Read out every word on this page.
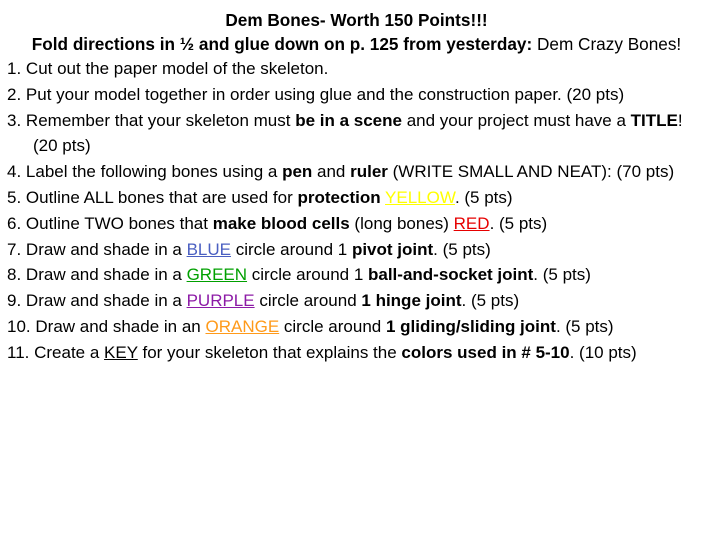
Dem Bones- Worth 150 Points!!!
Fold directions in ½ and glue down on p. 125 from yesterday: Dem Crazy Bones!
1. Cut out the paper model of the skeleton.
2. Put your model together in order using glue and the construction paper. (20 pts)
3. Remember that your skeleton must be in a scene and your project must have a TITLE! (20 pts)
4. Label the following bones using a pen and ruler (WRITE SMALL AND NEAT): (70 pts)
5. Outline ALL bones that are used for protection YELLOW. (5 pts)
6. Outline TWO bones that make blood cells (long bones) RED. (5 pts)
7. Draw and shade in a BLUE circle around 1 pivot joint. (5 pts)
8. Draw and shade in a GREEN circle around 1 ball-and-socket joint. (5 pts)
9. Draw and shade in a PURPLE circle around 1 hinge joint. (5 pts)
10. Draw and shade in an ORANGE circle around 1 gliding/sliding joint. (5 pts)
11. Create a KEY for your skeleton that explains the colors used in # 5-10. (10 pts)
